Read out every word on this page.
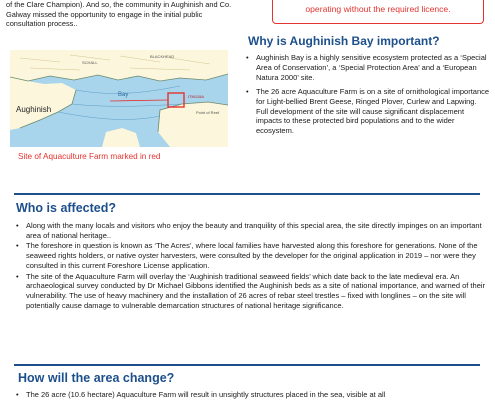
of the Clare Champion). And so, the community in Aughinish and Co.
Galway missed the opportunity to engage in the initial public
consultation process..
operating without the required licence.
Aughinish
Bay
BLACKHEAD
SCHALL
ITM115A
Point of Reef
Site of Aquaculture Farm marked in red
Why is Aughinish Bay important?
• Aughinish Bay is a highly sensitive ecosystem protected as a ‘Special Area of Conservation’, a ‘Special Protection Area’ and a ‘European Natura 2000’ site.
• The 26 acre Aquaculture Farm is on a site of ornithological importance for Light-bellied Brent Geese, Ringed Plover, Curlew and Lapwing. Full development of the site will cause significant displacement impacts to these protected bird populations and to the wider ecosystem.
Who is affected?
• Along with the many locals and visitors who enjoy the beauty and tranquility of this special area, the site directly impinges on an important area of national heritage..
• The foreshore in question is known as ‘The Acres’, where local families have harvested along this foreshore for generations. None of the seaweed rights holders, or native oyster harvesters, were consulted by the developer for the original application in 2019 – nor were they consulted in this current Foreshore License application.
• The site of the Aquaculture Farm will overlay the ‘Aughinish traditional seaweed fields’ which date back to the late medieval era. An archaeological survey conducted by Dr Michael Gibbons identified the Aughinish beds as a site of national importance, and warned of their vulnerability. The use of heavy machinery and the installation of 26 acres of rebar steel trestles – fixed with longlines – on the site will potentially cause damage to vulnerable demarcation structures of national heritage significance.
How will the area change?
• The 26 acre (10.6 hectare) Aquaculture Farm will result in unsightly structures placed in the sea, visible at all
